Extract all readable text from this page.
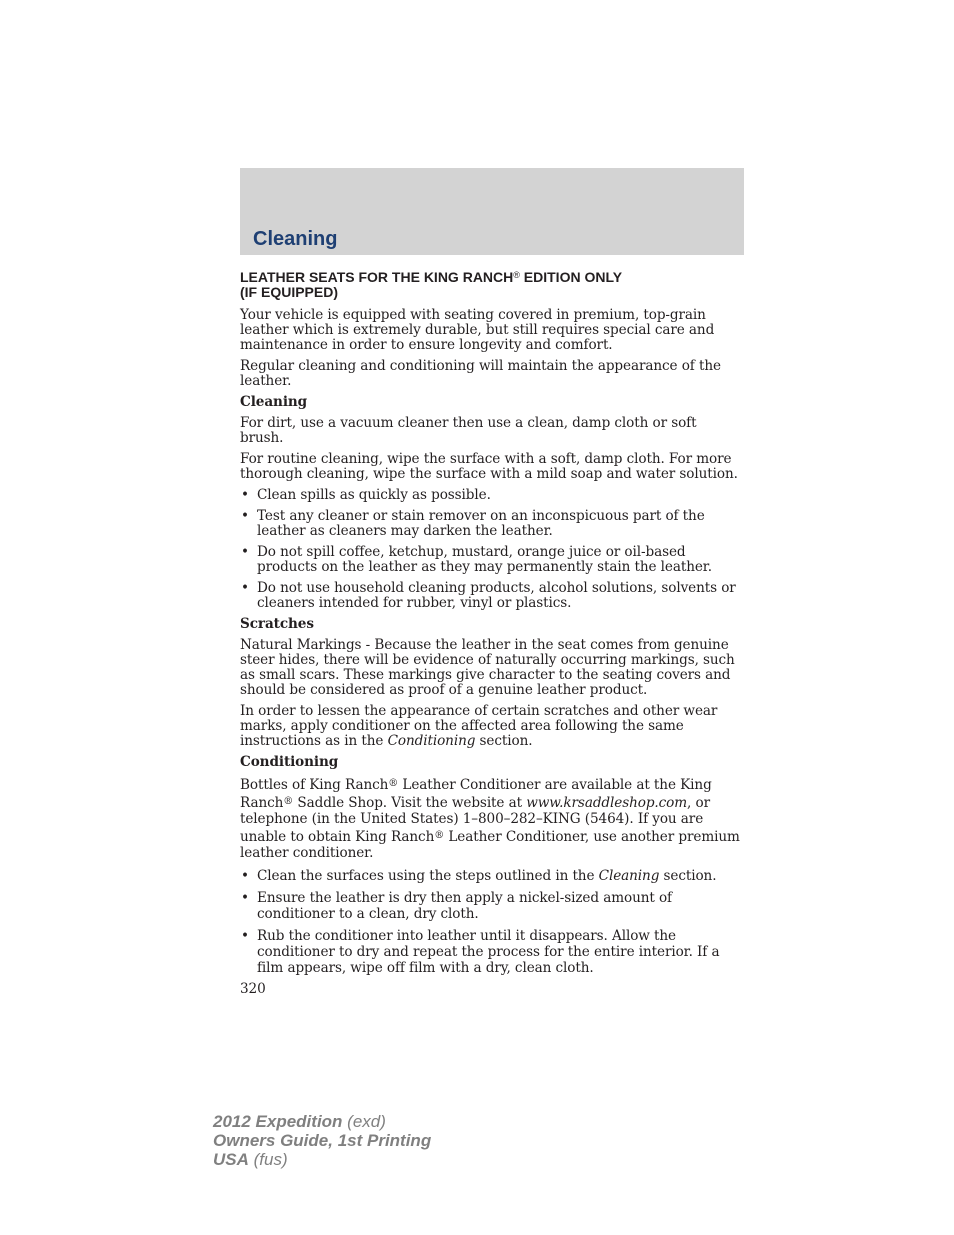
Cleaning
LEATHER SEATS FOR THE KING RANCH® EDITION ONLY
(IF EQUIPPED)

Your vehicle is equipped with seating covered in premium, top-grain leather which is extremely durable, but still requires special care and maintenance in order to ensure longevity and comfort.

Regular cleaning and conditioning will maintain the appearance of the leather.

Cleaning

For dirt, use a vacuum cleaner then use a clean, damp cloth or soft brush.

For routine cleaning, wipe the surface with a soft, damp cloth. For more thorough cleaning, wipe the surface with a mild soap and water solution.

• Clean spills as quickly as possible.
• Test any cleaner or stain remover on an inconspicuous part of the leather as cleaners may darken the leather.
• Do not spill coffee, ketchup, mustard, orange juice or oil-based products on the leather as they may permanently stain the leather.
• Do not use household cleaning products, alcohol solutions, solvents or cleaners intended for rubber, vinyl or plastics.
Scratches

Natural Markings - Because the leather in the seat comes from genuine steer hides, there will be evidence of naturally occurring markings, such as small scars. These markings give character to the seating covers and should be considered as proof of a genuine leather product.

In order to lessen the appearance of certain scratches and other wear marks, apply conditioner on the affected area following the same instructions as in the Conditioning section.

Conditioning

Bottles of King Ranch® Leather Conditioner are available at the King Ranch® Saddle Shop. Visit the website at www.krsaddleshop.com, or telephone (in the United States) 1–800–282–KING (5464). If you are unable to obtain King Ranch® Leather Conditioner, use another premium leather conditioner.

• Clean the surfaces using the steps outlined in the Cleaning section.
• Ensure the leather is dry then apply a nickel-sized amount of conditioner to a clean, dry cloth.
• Rub the conditioner into leather until it disappears. Allow the conditioner to dry and repeat the process for the entire interior. If a film appears, wipe off film with a dry, clean cloth.
320
2012 Expedition (exd)
Owners Guide, 1st Printing
USA (fus)
